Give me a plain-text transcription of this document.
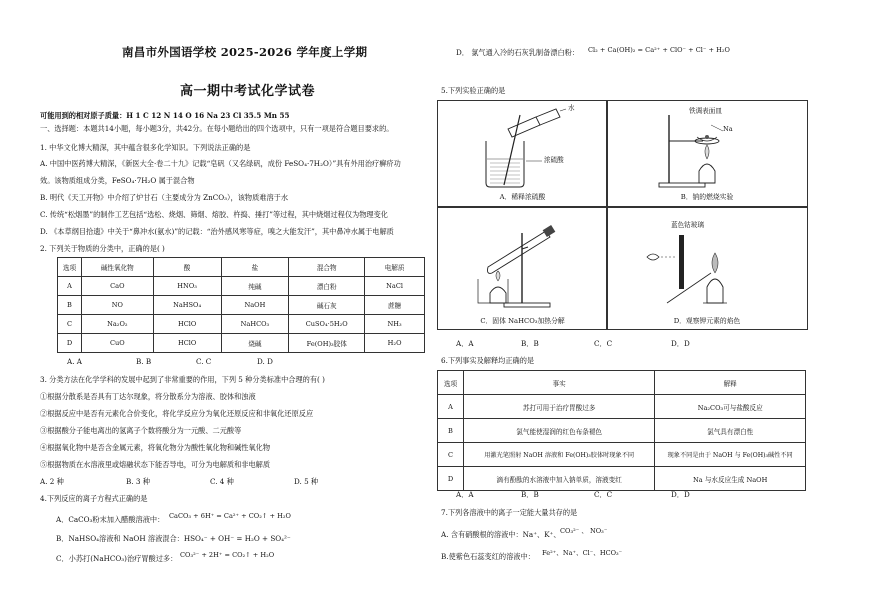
南昌市外国语学校 2025-2026 学年度上学期
高一期中考试化学试卷
可能用到的相对原子质量：H 1 C 12 N 14 O 16 Na 23 Cl 35.5 Mn 55
一、选择题：本题共14小题，每小题3分，共42分。在每小题给出的四个选项中，只有一项是符合题目要求的。
1. 中华文化博大精深，其中蕴含很多化学知识。下列说法正确的是
A. 中国中医药博大精深，《新医大全·卷二十九》记载“皂矾（又名绿矾，成份 FeSO₄·7H₂O）”具有外用治疗癣疥功
效。该物质组成分类，FeSO₄·7H₂O 属于混合物
B. 明代《天工开物》中介绍了炉甘石（主要成分为 ZnCO₃），该物质难溶于水
C. 传统“松烟墨”的制作工艺包括“选松、烧烟、筛烟、熔胶、杵捣、捶打”等过程，其中烧烟过程仅为物理变化
D. 《本草纲目拾遗》中关于“鼻冲水(氨水)”的记载：“治外感风寒等症，嗅之大能发汗”，其中鼻冲水属于电解质
2. 下列关于物质的分类中，正确的是( )
选项	碱性氧化物	酸	盐	混合物	电解质
A	CaO	HNO₃	纯碱	漂白粉	NaCl
B	NO	NaHSO₄	NaOH	碱石灰	蔗糖
C	Na₂O₂	HClO	NaHCO₃	CuSO₄·5H₂O	NH₃
D	CuO	HClO	烧碱	Fe(OH)₃胶体	H₂O
A. A	B. B	C. C	D. D
3. 分类方法在化学学科的发展中起到了非常重要的作用，下列 5 种分类标准中合理的有( )
①根据分散系是否具有丁达尔现象，将分散系分为溶液、胶体和浊液
②根据反应中是否有元素化合价变化，将化学反应分为氧化还原反应和非氧化还原反应
③根据酸分子能电离出的氢离子个数将酸分为一元酸、二元酸等
④根据氧化物中是否含金属元素，将氧化物分为酸性氧化物和碱性氧化物
⑤根据物质在水溶液里或熔融状态下能否导电，可分为电解质和非电解质
A. 2 种	B. 3 种	C. 4 种	D. 5 种
4.下列反应的离子方程式正确的是
A．CaCO₃粉末加入醋酸溶液中： CaCO₃ + 6H⁺ = Ca²⁺ + CO₂↑ + H₂O
B．NaHSO₄溶液和 NaOH 溶液混合：HSO₄⁻ + OH⁻ = H₂O + SO₄²⁻
C．小苏打(NaHCO₃)治疗胃酸过多： CO₃²⁻ + 2H⁺ = CO₂↑ + H₂O
D． 氯气通入冷的石灰乳制备漂白粉： Cl₂ + Ca(OH)₂ = Ca²⁺ + ClO⁻ + Cl⁻ + H₂O
5.下列实验正确的是
水
浓硫酸
A．稀释浓硫酸
铁调表面皿
Na
B．钠的燃烧实验
C．固体 NaHCO₃加热分解
蓝色钴玻璃
D．观察钾元素的焰色
A．A	B．B	C．C	D．D
6.下列事实及解释均正确的是
选项	事实	解释
A	苏打可用于治疗胃酸过多	Na₂CO₃可与盐酸反应
B	氯气能使湿润的红色布条褪色	氯气具有漂白性
C	用激光笔照射 NaOH 溶液和 Fe(OH)₃胶体时现象不同	现象不同是由于 NaOH 与 Fe(OH)₃碱性不同
D	滴有酚酞的水溶液中加入钠单质，溶液变红	Na 与水反应生成 NaOH
A．A	B．B	C．C	D．D
7.下列各溶液中的离子一定能大量共存的是
A. 含有硝酸根的溶液中：Na⁺、K⁺、 CO₃²⁻ 、 NO₃⁻
B.使紫色石蕊变红的溶液中： Fe²⁺、Na⁺、Cl⁻、HCO₃⁻
